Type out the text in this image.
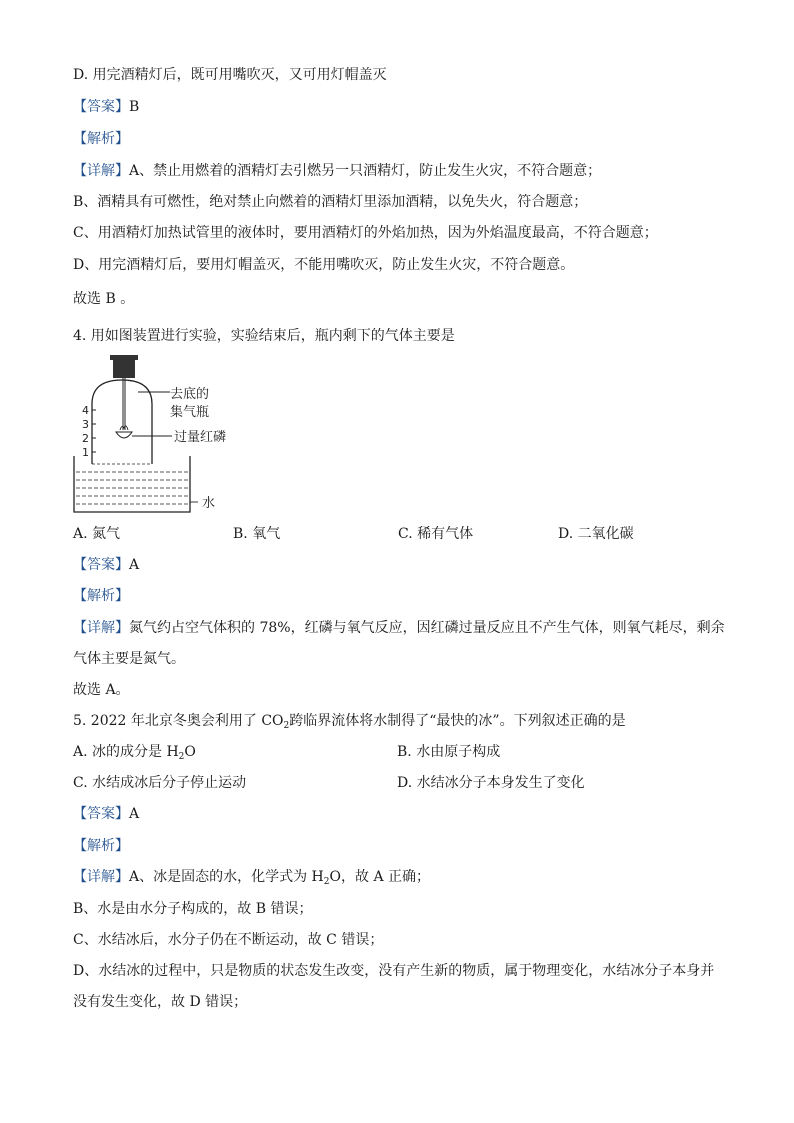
D. 用完酒精灯后，既可用嘴吹灭，又可用灯帽盖灭
【答案】B
【解析】
【详解】A、禁止用燃着的酒精灯去引燃另一只酒精灯，防止发生火灾，不符合题意；
B、酒精具有可燃性，绝对禁止向燃着的酒精灯里添加酒精，以免失火，符合题意；
C、用酒精灯加热试管里的液体时，要用酒精灯的外焰加热，因为外焰温度最高，不符合题意；
D、用完酒精灯后，要用灯帽盖灭，不能用嘴吹灭，防止发生火灾，不符合题意。
故选 B 。
4. 用如图装置进行实验，实验结束后，瓶内剩下的气体主要是
4
3
2
1
去底的
集气瓶
过量红磷
水
A. 氮气	B. 氧气	C. 稀有气体	D. 二氧化碳
【答案】A
【解析】
【详解】氮气约占空气体积的 78%，红磷与氧气反应，因红磷过量反应且不产生气体，则氧气耗尽，剩余
气体主要是氮气。
故选 A。
5. 2022 年北京冬奥会利用了 $CO_2$跨临界流体将水制得了“最快的冰”。下列叙述正确的是
A. 冰的成分是 $H_2O$	B. 水由原子构成
C. 水结成冰后分子停止运动	D. 水结冰分子本身发生了变化
【答案】A
【解析】
【详解】A、冰是固态的水，化学式为 $H_2O$，故 A 正确；
B、水是由水分子构成的，故 B 错误；
C、水结冰后，水分子仍在不断运动，故 C 错误；
D、水结冰的过程中，只是物质的状态发生改变，没有产生新的物质，属于物理变化，水结冰分子本身并
没有发生变化，故 D 错误；
